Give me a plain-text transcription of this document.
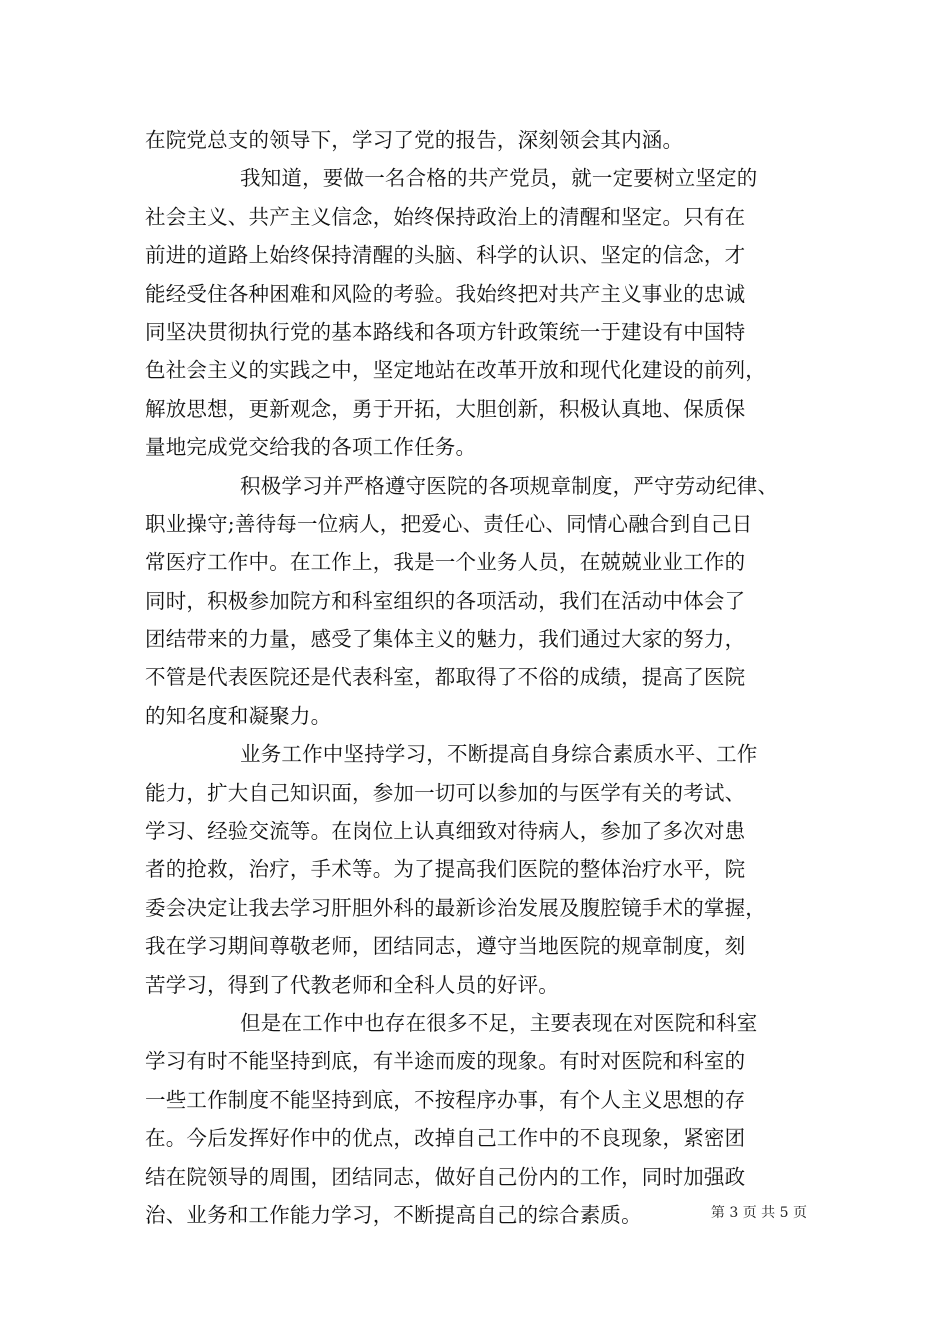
在院党总支的领导下，学习了党的报告，深刻领会其内涵。
我知道，要做一名合格的共产党员，就一定要树立坚定的
社会主义、共产主义信念，始终保持政治上的清醒和坚定。只有在
前进的道路上始终保持清醒的头脑、科学的认识、坚定的信念，才
能经受住各种困难和风险的考验。我始终把对共产主义事业的忠诚
同坚决贯彻执行党的基本路线和各项方针政策统一于建设有中国特
色社会主义的实践之中，坚定地站在改革开放和现代化建设的前列，
解放思想，更新观念，勇于开拓，大胆创新，积极认真地、保质保
量地完成党交给我的各项工作任务。
积极学习并严格遵守医院的各项规章制度，严守劳动纪律、
职业操守;善待每一位病人，把爱心、责任心、同情心融合到自己日
常医疗工作中。在工作上，我是一个业务人员，在兢兢业业工作的
同时，积极参加院方和科室组织的各项活动，我们在活动中体会了
团结带来的力量，感受了集体主义的魅力，我们通过大家的努力，
不管是代表医院还是代表科室，都取得了不俗的成绩，提高了医院
的知名度和凝聚力。
业务工作中坚持学习，不断提高自身综合素质水平、工作
能力，扩大自己知识面，参加一切可以参加的与医学有关的考试、
学习、经验交流等。在岗位上认真细致对待病人，参加了多次对患
者的抢救，治疗，手术等。为了提高我们医院的整体治疗水平，院
委会决定让我去学习肝胆外科的最新诊治发展及腹腔镜手术的掌握，
我在学习期间尊敬老师，团结同志，遵守当地医院的规章制度，刻
苦学习，得到了代教老师和全科人员的好评。
但是在工作中也存在很多不足，主要表现在对医院和科室
学习有时不能坚持到底，有半途而废的现象。有时对医院和科室的
一些工作制度不能坚持到底，不按程序办事，有个人主义思想的存
在。今后发挥好作中的优点，改掉自己工作中的不良现象，紧密团
结在院领导的周围，团结同志，做好自己份内的工作，同时加强政
治、业务和工作能力学习，不断提高自己的综合素质。	第 3 页 共 5 页
